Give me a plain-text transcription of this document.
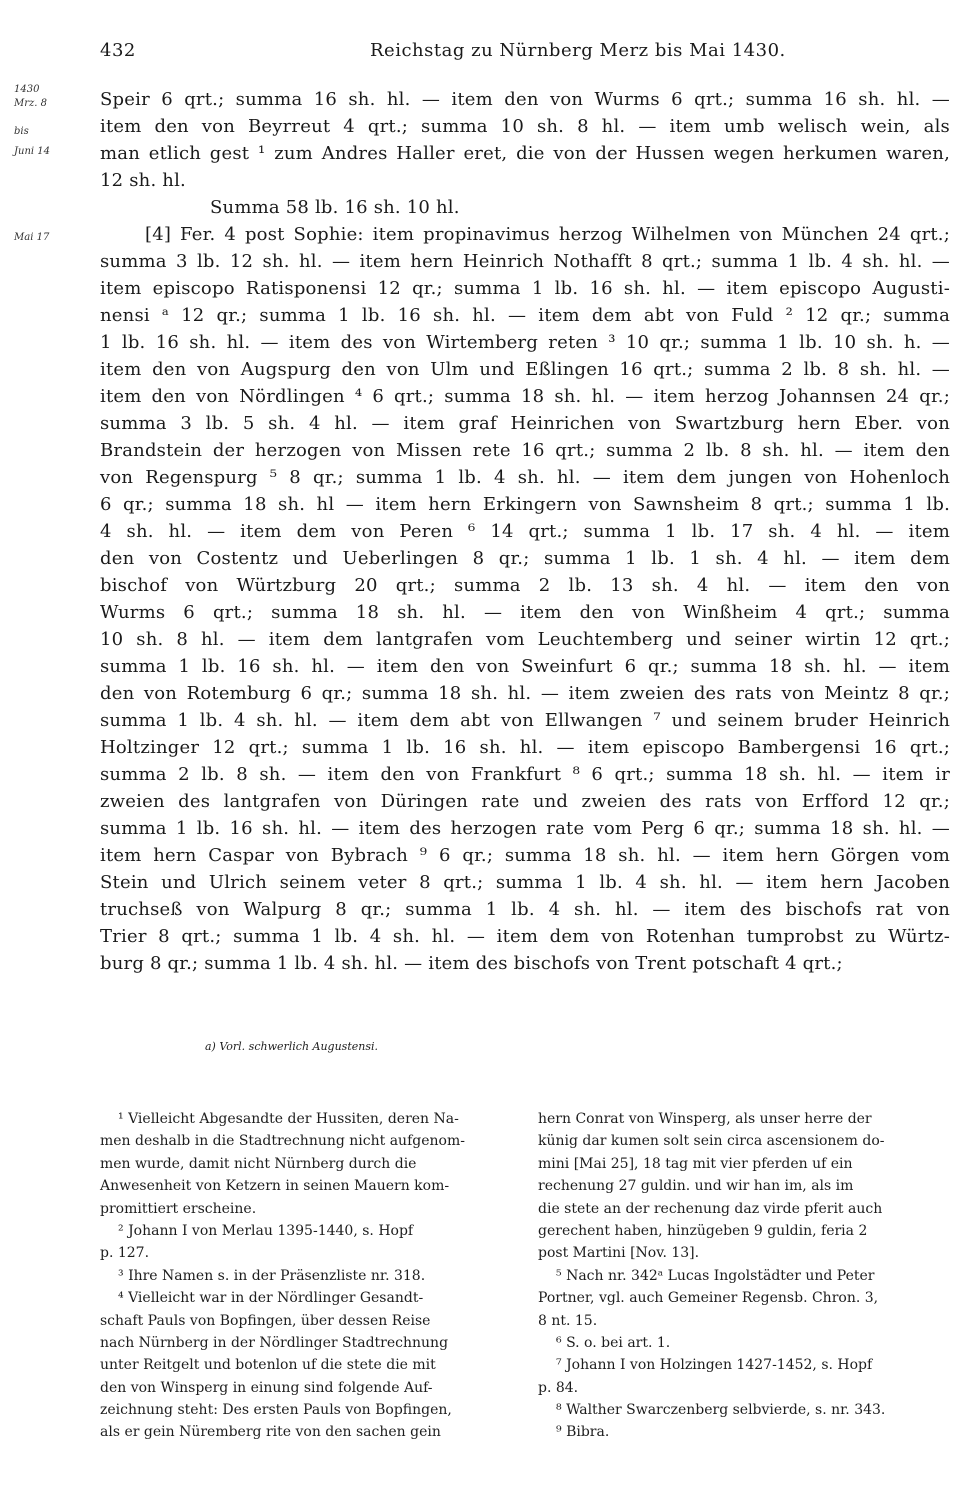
432	Reichstag zu Nürnberg Merz bis Mai 1430.
1430
Mrz. 8
bis
Juni 14
Mai 17
Speir 6 qrt.; summa 16 sh. hl. — item den von Wurms 6 qrt.; summa 16 sh. hl. —
item den von Beyrreut 4 qrt.; summa 10 sh. 8 hl. — item umb welisch wein, als
man etlich gest ¹ zum Andres Haller eret, die von der Hussen wegen herkumen waren,
12 sh. hl.
Summa 58 lb. 16 sh. 10 hl.
[4] Fer. 4 post Sophie: item propinavimus herzog Wilhelmen von München 24 qrt.;
summa 3 lb. 12 sh. hl. — item hern Heinrich Nothafft 8 qrt.; summa 1 lb. 4 sh. hl. —
item episcopo Ratisponensi 12 qr.; summa 1 lb. 16 sh. hl. — item episcopo Augusti-
nensi ᵃ 12 qr.; summa 1 lb. 16 sh. hl. — item dem abt von Fuld ² 12 qr.; summa
1 lb. 16 sh. hl. — item des von Wirtemberg reten ³ 10 qr.; summa 1 lb. 10 sh. h. —
item den von Augspurg den von Ulm und Eßlingen 16 qrt.; summa 2 lb. 8 sh. hl. —
item den von Nördlingen ⁴ 6 qrt.; summa 18 sh. hl. — item herzog Johannsen 24 qr.;
summa 3 lb. 5 sh. 4 hl. — item graf Heinrichen von Swartzburg hern Eber. von
Brandstein der herzogen von Missen rete 16 qrt.; summa 2 lb. 8 sh. hl. — item den
von Regenspurg ⁵ 8 qr.; summa 1 lb. 4 sh. hl. — item dem jungen von Hohenloch
6 qr.; summa 18 sh. hl — item hern Erkingern von Sawnsheim 8 qrt.; summa 1 lb.
4 sh. hl. — item dem von Peren ⁶ 14 qrt.; summa 1 lb. 17 sh. 4 hl. — item
den von Costentz und Ueberlingen 8 qr.; summa 1 lb. 1 sh. 4 hl. — item dem
bischof von Würtzburg 20 qrt.; summa 2 lb. 13 sh. 4 hl. — item den von
Wurms 6 qrt.; summa 18 sh. hl. — item den von Winßheim 4 qrt.; summa
10 sh. 8 hl. — item dem lantgrafen vom Leuchtemberg und seiner wirtin 12 qrt.;
summa 1 lb. 16 sh. hl. — item den von Sweinfurt 6 qr.; summa 18 sh. hl. — item
den von Rotemburg 6 qr.; summa 18 sh. hl. — item zweien des rats von Meintz 8 qr.;
summa 1 lb. 4 sh. hl. — item dem abt von Ellwangen ⁷ und seinem bruder Heinrich
Holtzinger 12 qrt.; summa 1 lb. 16 sh. hl. — item episcopo Bambergensi 16 qrt.;
summa 2 lb. 8 sh. — item den von Frankfurt ⁸ 6 qrt.; summa 18 sh. hl. — item ir
zweien des lantgrafen von Düringen rate und zweien des rats von Erfford 12 qr.;
summa 1 lb. 16 sh. hl. — item des herzogen rate vom Perg 6 qr.; summa 18 sh. hl. —
item hern Caspar von Bybrach ⁹ 6 qr.; summa 18 sh. hl. — item hern Görgen vom
Stein und Ulrich seinem veter 8 qrt.; summa 1 lb. 4 sh. hl. — item hern Jacoben
truchseß von Walpurg 8 qr.; summa 1 lb. 4 sh. hl. — item des bischofs rat von
Trier 8 qrt.; summa 1 lb. 4 sh. hl. — item dem von Rotenhan tumprobst zu Würtz-
burg 8 qr.; summa 1 lb. 4 sh. hl. — item des bischofs von Trent potschaft 4 qrt.;
a) Vorl. schwerlich Augustensi.
¹ Vielleicht Abgesandte der Hussiten, deren Na-
men deshalb in die Stadtrechnung nicht aufgenom-
men wurde, damit nicht Nürnberg durch die
Anwesenheit von Ketzern in seinen Mauern kom-
promittiert erscheine.
² Johann I von Merlau 1395-1440, s. Hopf
p. 127.
³ Ihre Namen s. in der Präsenzliste nr. 318.
⁴ Vielleicht war in der Nördlinger Gesandt-
schaft Pauls von Bopfingen, über dessen Reise
nach Nürnberg in der Nördlinger Stadtrechnung
unter Reitgelt und botenlon uf die stete die mit
den von Winsperg in einung sind folgende Auf-
zeichnung steht: Des ersten Pauls von Bopfingen,
als er gein Nüremberg rite von den sachen gein
hern Conrat von Winsperg, als unser herre der
künig dar kumen solt sein circa ascensionem do-
mini [Mai 25], 18 tag mit vier pferden uf ein
rechenung 27 guldin. und wir han im, als im
die stete an der rechenung daz virde pferit auch
gerechent haben, hinzügeben 9 guldin, feria 2
post Martini [Nov. 13].
⁵ Nach nr. 342ᵃ Lucas Ingolstädter und Peter
Portner, vgl. auch Gemeiner Regensb. Chron. 3,
8 nt. 15.
⁶ S. o. bei art. 1.
⁷ Johann I von Holzingen 1427-1452, s. Hopf
p. 84.
⁸ Walther Swarczenberg selbvierde, s. nr. 343.
⁹ Bibra.
